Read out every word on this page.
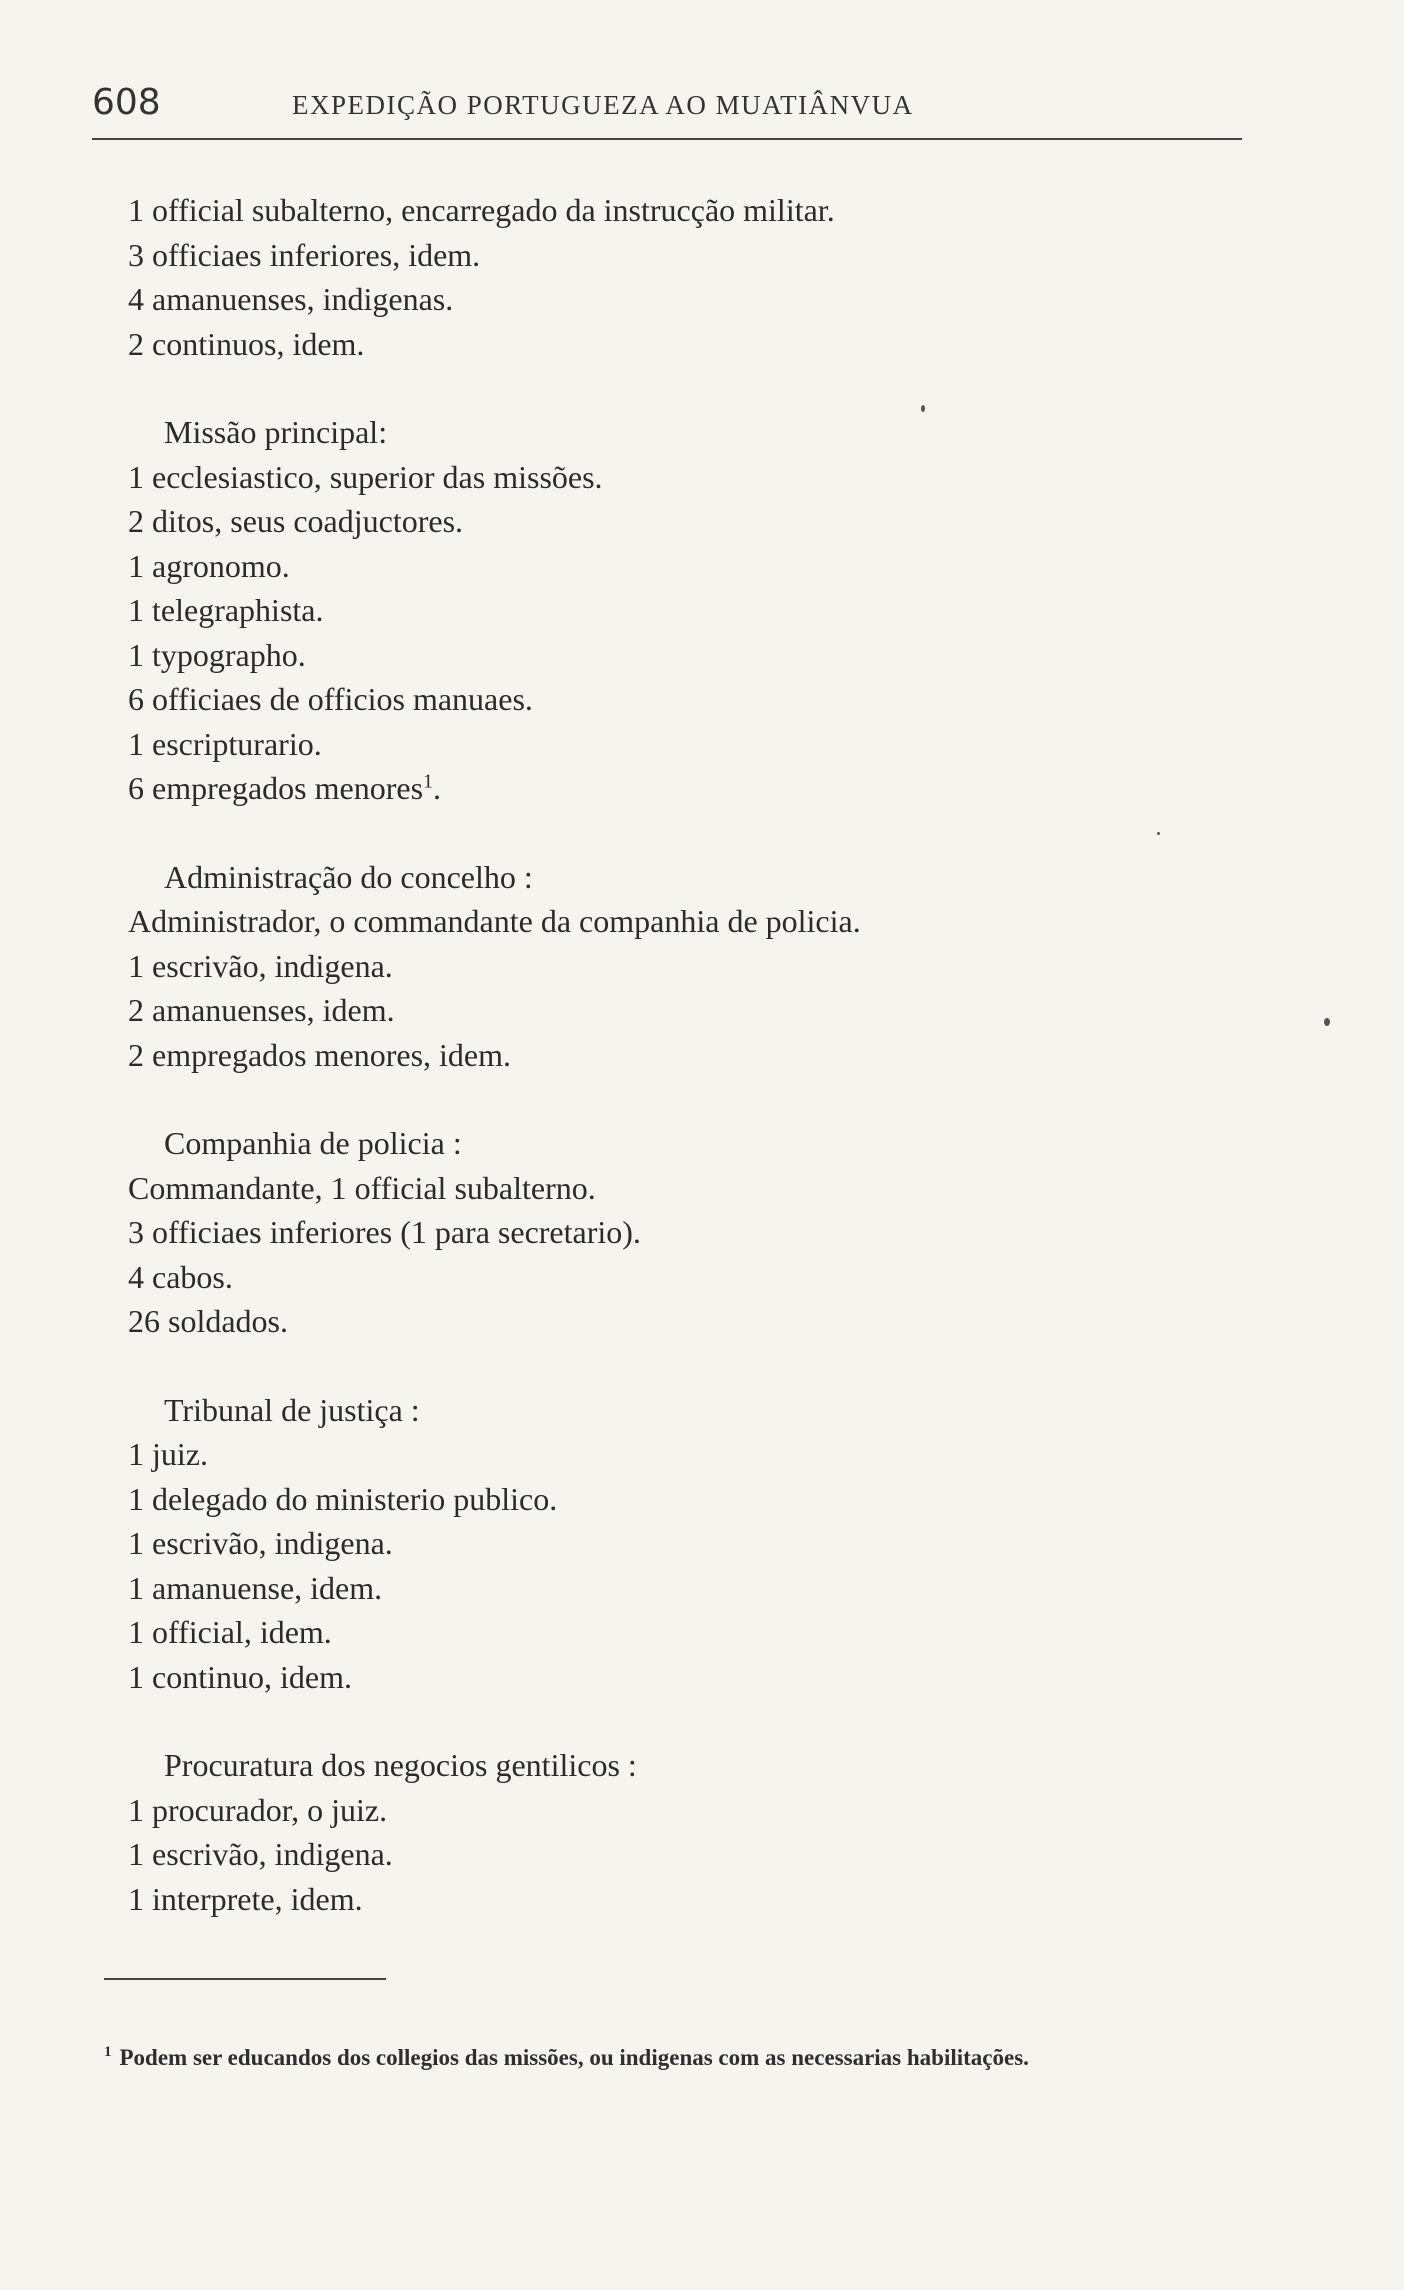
608	EXPEDIÇÃO PORTUGUEZA AO MUATIÂNVUA
1 official subalterno, encarregado da instrucção militar.
3 officiaes inferiores, idem.
4 amanuenses, indigenas.
2 continuos, idem.
Missão principal:
1 ecclesiastico, superior das missões.
2 ditos, seus coadjuctores.
1 agronomo.
1 telegraphista.
1 typographo.
6 officiaes de officios manuaes.
1 escripturario.
6 empregados menores$^1$.
Administração do concelho :
Administrador, o commandante da companhia de policia.
1 escrivão, indigena.
2 amanuenses, idem.
2 empregados menores, idem.
Companhia de policia :
Commandante, 1 official subalterno.
3 officiaes inferiores (1 para secretario).
4 cabos.
26 soldados.
Tribunal de justiça :
1 juiz.
1 delegado do ministerio publico.
1 escrivão, indigena.
1 amanuense, idem.
1 official, idem.
1 continuo, idem.
Procuratura dos negocios gentilicos :
1 procurador, o juiz.
1 escrivão, indigena.
1 interprete, idem.
$^1$ Podem ser educandos dos collegios das missões, ou indigenas com as necessarias habilitações.
